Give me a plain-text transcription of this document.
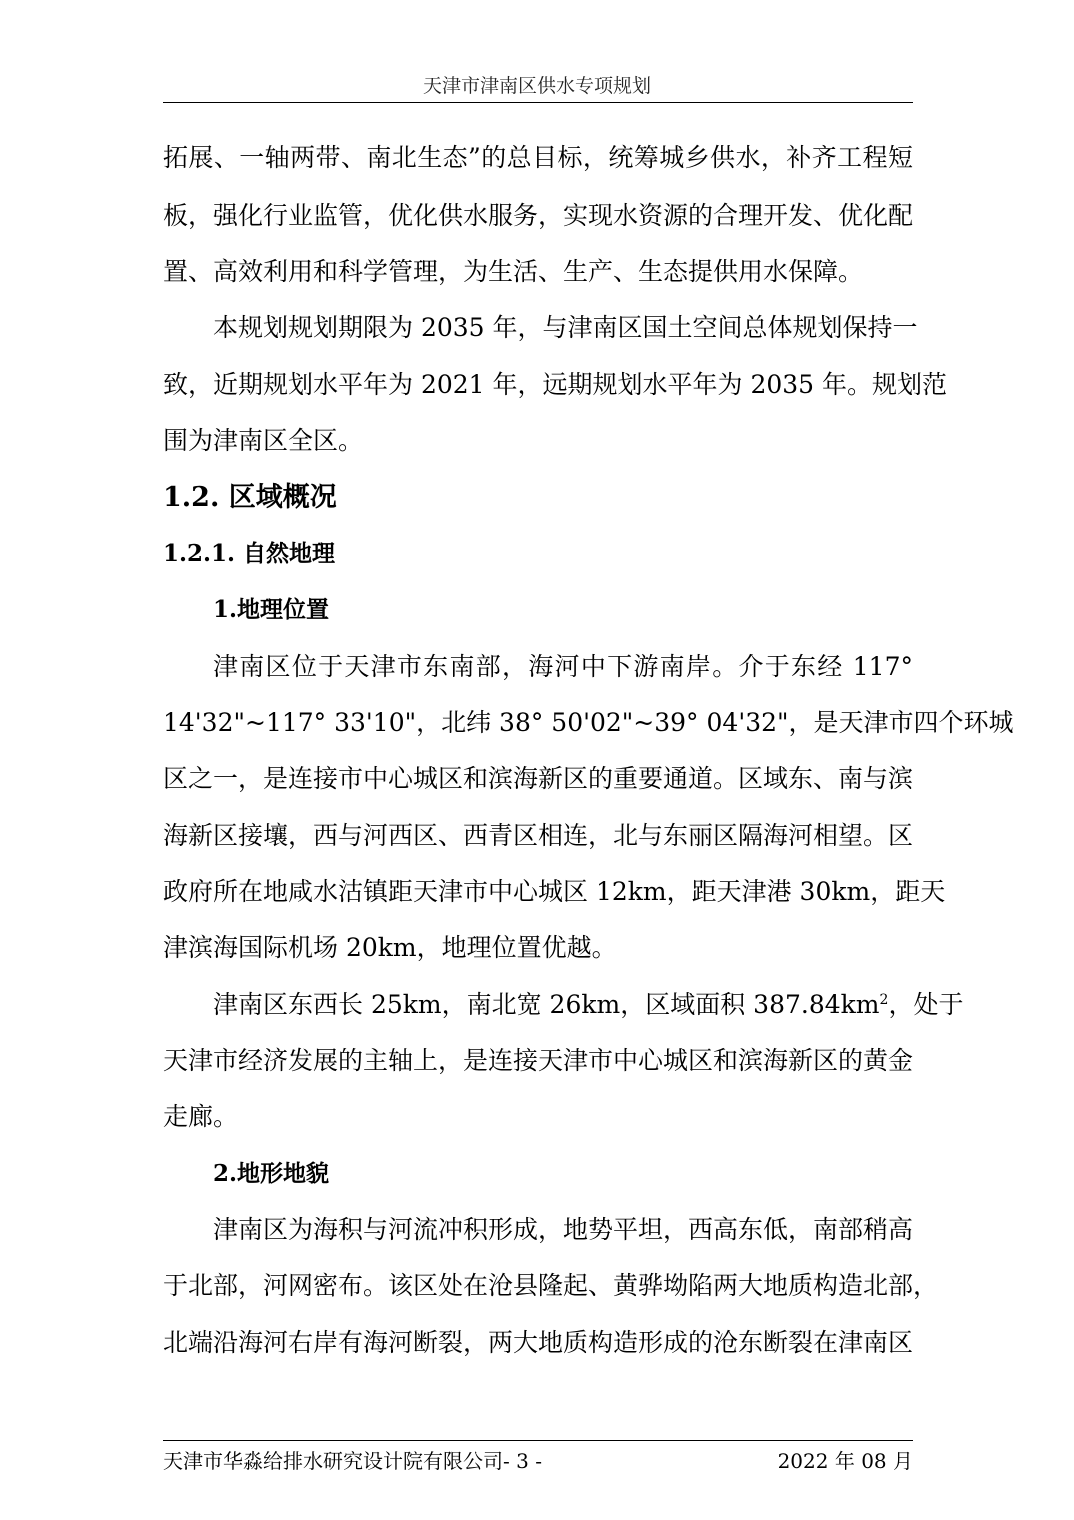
天津市津南区供水专项规划
拓展、一轴两带、南北生态”的总目标，统筹城乡供水，补齐工程短
板，强化行业监管，优化供水服务，实现水资源的合理开发、优化配
置、高效利用和科学管理，为生活、生产、生态提供用水保障。
本规划规划期限为 2035 年，与津南区国土空间总体规划保持一
致，近期规划水平年为 2021 年，远期规划水平年为 2035 年。规划范
围为津南区全区。
1.2. 区域概况
1.2.1. 自然地理
1.地理位置
津南区位于天津市东南部，海河中下游南岸。介于东经 117°
14'32"~117° 33'10"，北纬 38° 50'02"~39° 04'32"，是天津市四个环城
区之一，是连接市中心城区和滨海新区的重要通道。区域东、南与滨
海新区接壤，西与河西区、西青区相连，北与东丽区隔海河相望。区
政府所在地咸水沽镇距天津市中心城区 12km，距天津港 30km，距天
津滨海国际机场 20km，地理位置优越。
津南区东西长 25km，南北宽 26km，区域面积 $387.84km^2$，处于
天津市经济发展的主轴上，是连接天津市中心城区和滨海新区的黄金
走廊。
2.地形地貌
津南区为海积与河流冲积形成，地势平坦，西高东低，南部稍高
于北部，河网密布。该区处在沧县隆起、黄骅坳陷两大地质构造北部，
北端沿海河右岸有海河断裂，两大地质构造形成的沧东断裂在津南区
天津市华淼给排水研究设计院有限公司- 3 -	2022 年 08 月
